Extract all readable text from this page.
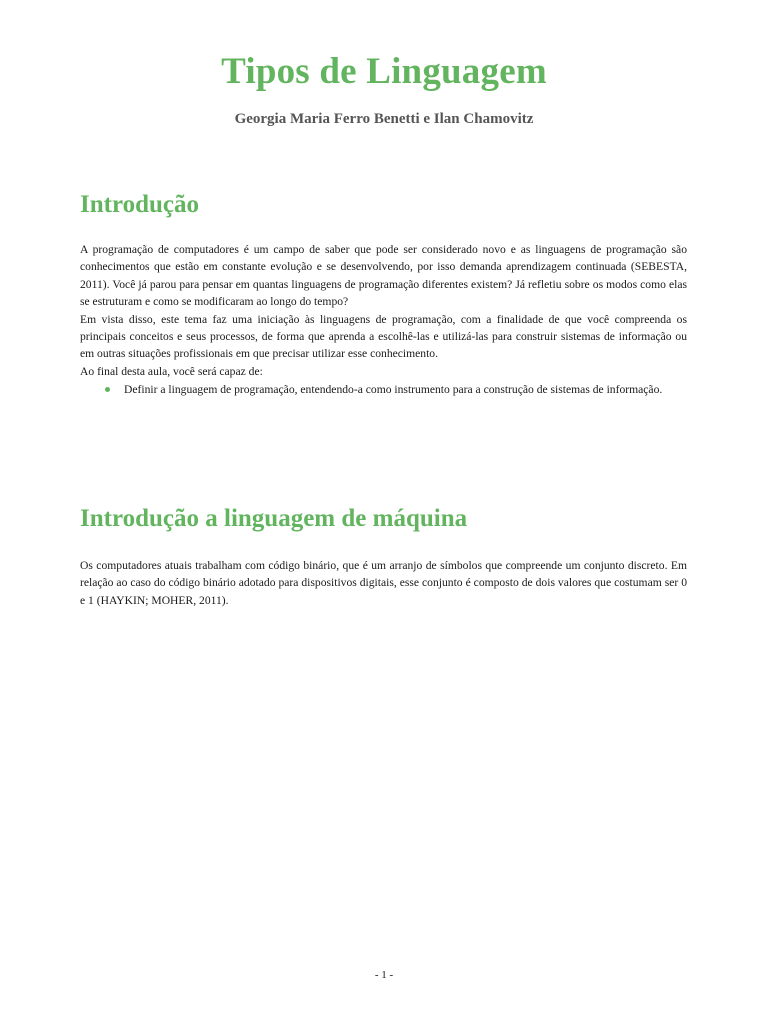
Tipos de Linguagem
Georgia Maria Ferro Benetti e Ilan Chamovitz
Introdução

A programação de computadores é um campo de saber que pode ser considerado novo e as linguagens de programação são conhecimentos que estão em constante evolução e se desenvolvendo, por isso demanda aprendizagem continuada (SEBESTA, 2011). Você já parou para pensar em quantas linguagens de programação diferentes existem? Já refletiu sobre os modos como elas se estruturam e como se modificaram ao longo do tempo?

Em vista disso, este tema faz uma iniciação às linguagens de programação, com a finalidade de que você compreenda os principais conceitos e seus processos, de forma que aprenda a escolhê-las e utilizá-las para construir sistemas de informação ou em outras situações profissionais em que precisar utilizar esse conhecimento.

Ao final desta aula, você será capaz de:

Definir a linguagem de programação, entendendo-a como instrumento para a construção de sistemas de informação.
Introdução a linguagem de máquina

Os computadores atuais trabalham com código binário, que é um arranjo de símbolos que compreende um conjunto discreto. Em relação ao caso do código binário adotado para dispositivos digitais, esse conjunto é composto de dois valores que costumam ser 0 e 1 (HAYKIN; MOHER, 2011).

- 1 -
